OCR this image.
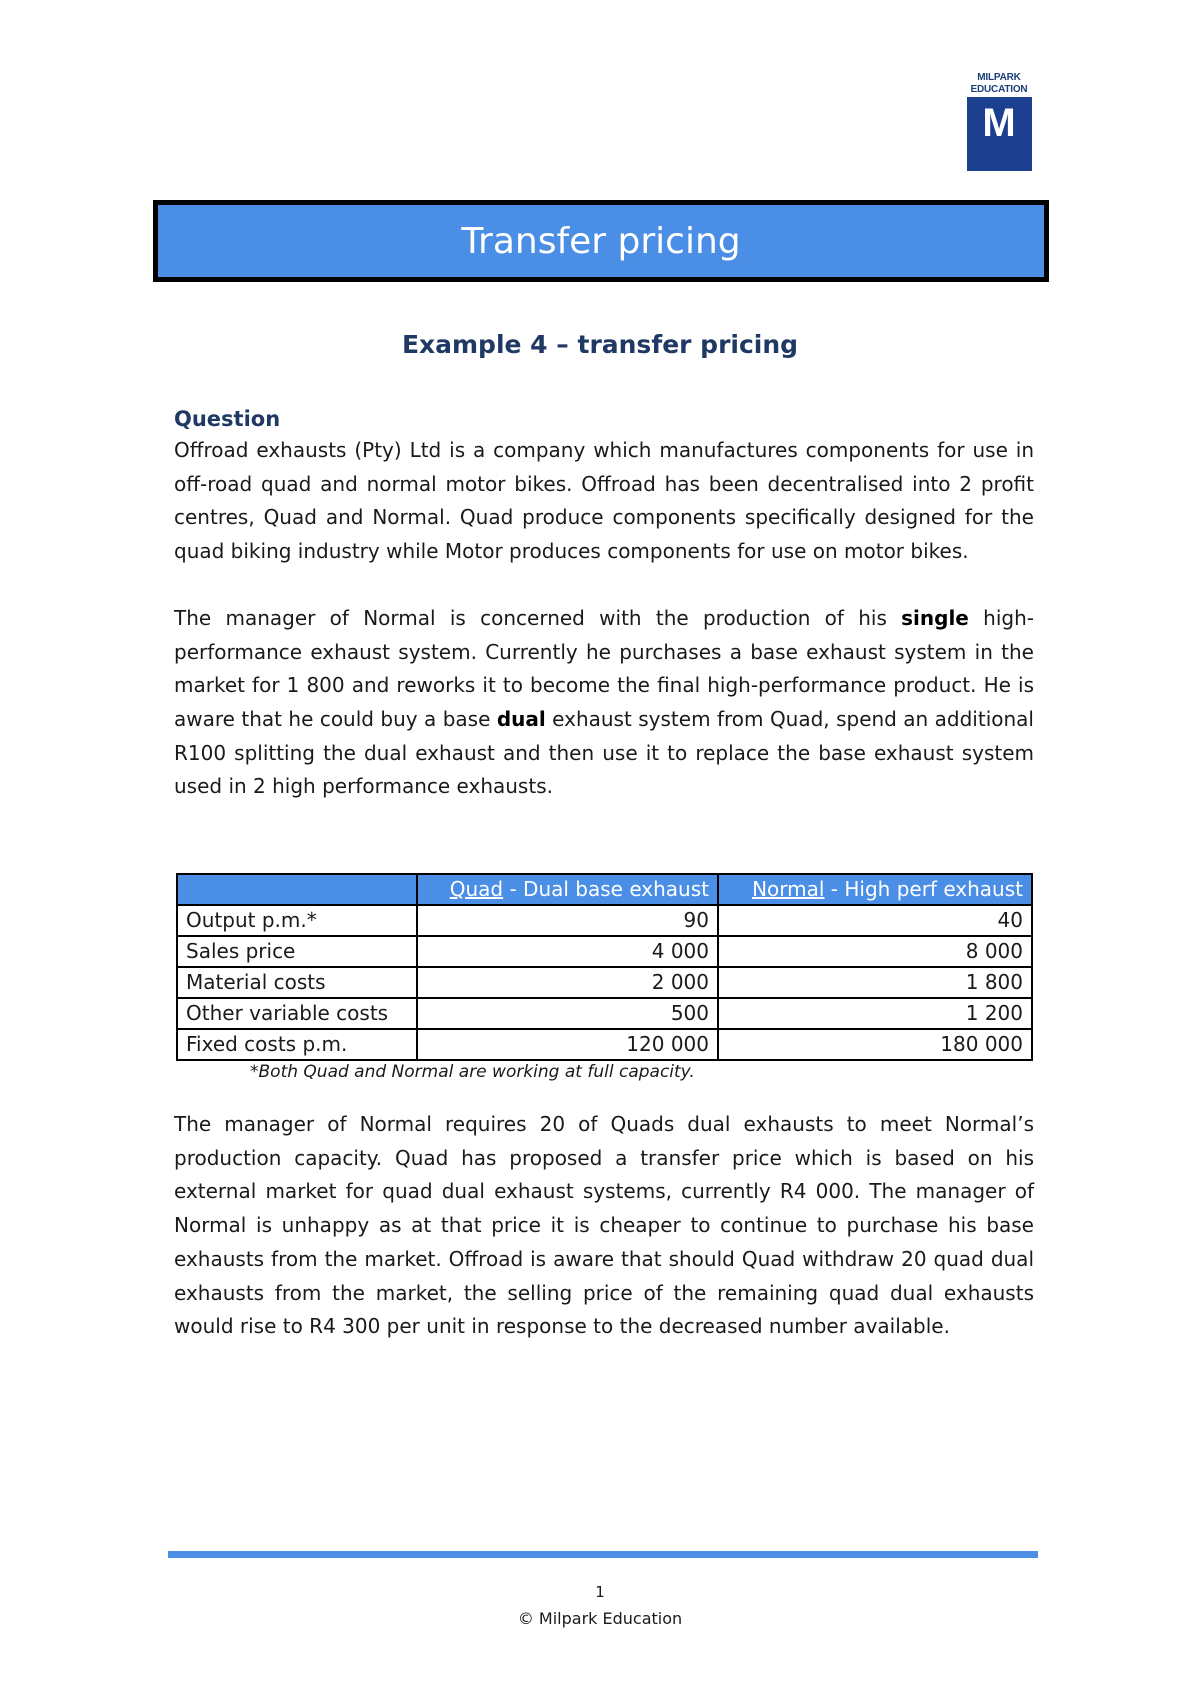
MILPARK
EDUCATION
M
Transfer pricing
Example 4 – transfer pricing

Question

Offroad exhausts (Pty) Ltd is a company which manufactures components for use in off-road quad and normal motor bikes. Offroad has been decentralised into 2 profit centres, Quad and Normal. Quad produce components specifically designed for the quad biking industry while Motor produces components for use on motor bikes.

The manager of Normal is concerned with the production of his single high-performance exhaust system. Currently he purchases a base exhaust system in the market for 1 800 and reworks it to become the final high-performance product. He is aware that he could buy a base dual exhaust system from Quad, spend an additional R100 splitting the dual exhaust and then use it to replace the base exhaust system used in 2 high performance exhausts.

	Quad - Dual base exhaust	Normal - High perf exhaust
Output p.m.*	90	40
Sales price	4 000	8 000
Material costs	2 000	1 800
Other variable costs	500	1 200
Fixed costs p.m.	120 000	180 000
*Both Quad and Normal are working at full capacity.

The manager of Normal requires 20 of Quads dual exhausts to meet Normal’s production capacity. Quad has proposed a transfer price which is based on his external market for quad dual exhaust systems, currently R4 000. The manager of Normal is unhappy as at that price it is cheaper to continue to purchase his base exhausts from the market. Offroad is aware that should Quad withdraw 20 quad dual exhausts from the market, the selling price of the remaining quad dual exhausts would rise to R4 300 per unit in response to the decreased number available.

1
© Milpark Education
